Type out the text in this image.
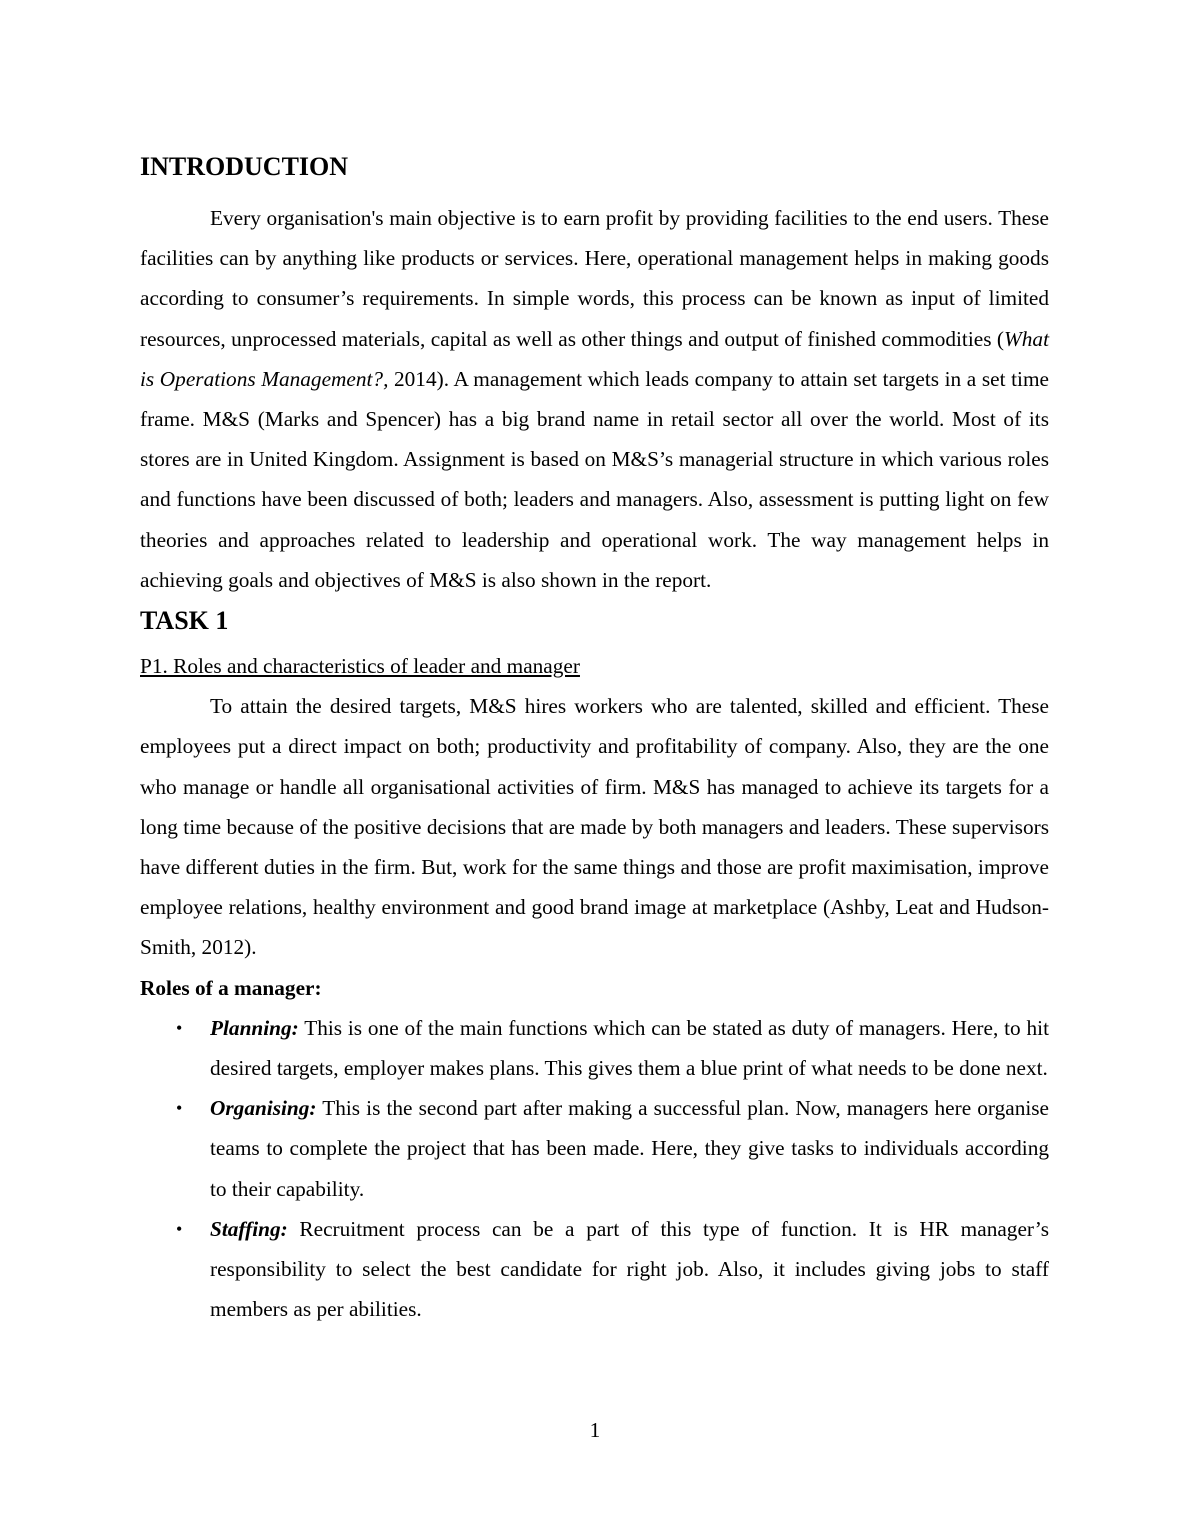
INTRODUCTION

Every organisation's main objective is to earn profit by providing facilities to the end users. These facilities can by anything like products or services. Here, operational management helps in making goods according to consumer’s requirements. In simple words, this process can be known as input of limited resources, unprocessed materials, capital as well as other things and output of finished commodities (What is Operations Management?, 2014). A management which leads company to attain set targets in a set time frame. M&S (Marks and Spencer) has a big brand name in retail sector all over the world. Most of its stores are in United Kingdom. Assignment is based on M&S’s managerial structure in which various roles and functions have been discussed of both; leaders and managers. Also, assessment is putting light on few theories and approaches related to leadership and operational work. The way management helps in achieving goals and objectives of M&S is also shown in the report.

TASK 1
P1. Roles and characteristics of leader and manager

To attain the desired targets, M&S hires workers who are talented, skilled and efficient. These employees put a direct impact on both; productivity and profitability of company. Also, they are the one who manage or handle all organisational activities of firm. M&S has managed to achieve its targets for a long time because of the positive decisions that are made by both managers and leaders. These supervisors have different duties in the firm. But, work for the same things and those are profit maximisation, improve employee relations, healthy environment and good brand image at marketplace (Ashby, Leat and Hudson-Smith, 2012).

Roles of a manager:
• Planning: This is one of the main functions which can be stated as duty of managers. Here, to hit desired targets, employer makes plans. This gives them a blue print of what needs to be done next.
• Organising: This is the second part after making a successful plan. Now, managers here organise teams to complete the project that has been made. Here, they give tasks to individuals according to their capability.
• Staffing: Recruitment process can be a part of this type of function. It is HR manager’s responsibility to select the best candidate for right job. Also, it includes giving jobs to staff members as per abilities.
1
